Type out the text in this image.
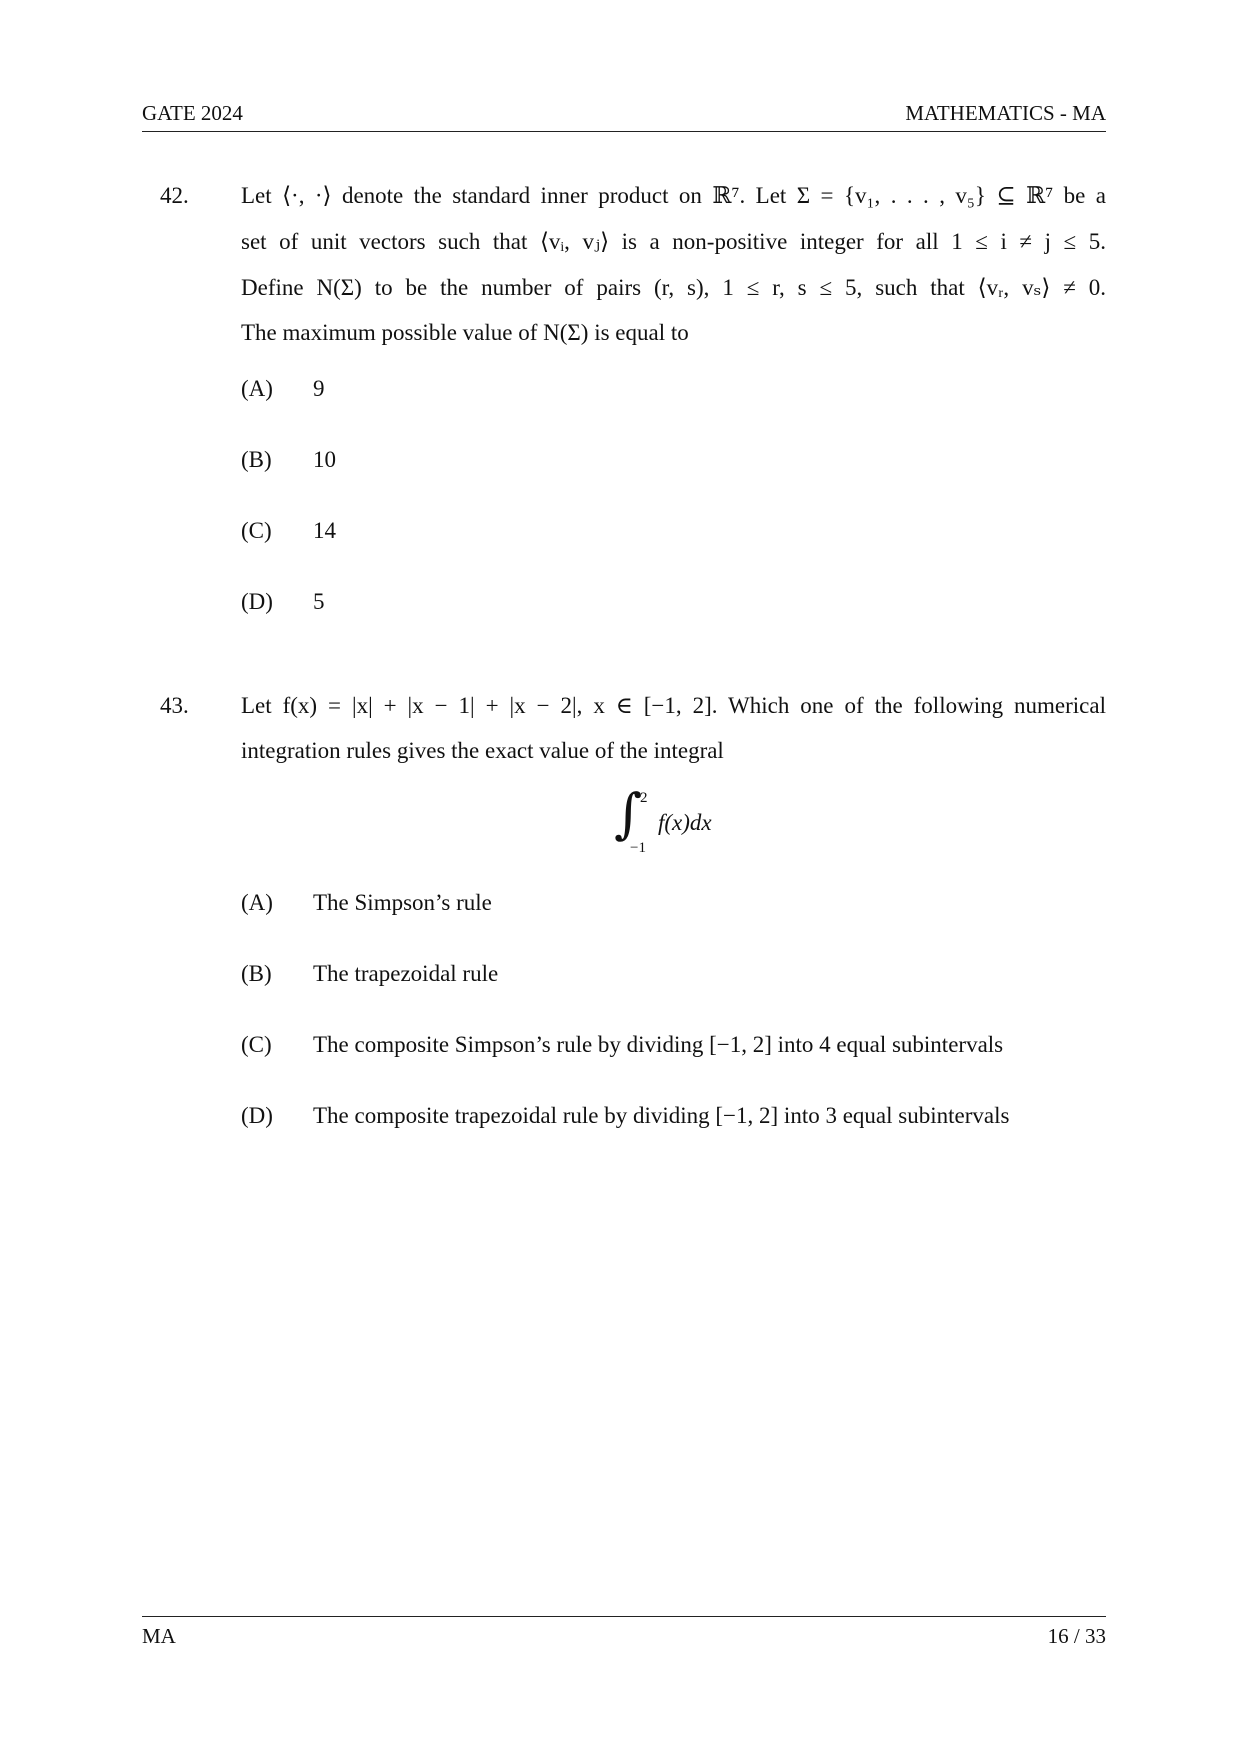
GATE 2024	MATHEMATICS - MA
42. Let ⟨·, ·⟩ denote the standard inner product on ℝ⁷. Let Σ = {v₁, . . . , v₅} ⊆ ℝ⁷ be a
set of unit vectors such that ⟨vᵢ, vⱼ⟩ is a non-positive integer for all 1 ≤ i ≠ j ≤ 5.
Define N(Σ) to be the number of pairs (r, s), 1 ≤ r, s ≤ 5, such that ⟨vᵣ, vₛ⟩ ≠ 0.
The maximum possible value of N(Σ) is equal to
(A) 9
(B) 10
(C) 14
(D) 5
43. Let f(x) = |x| + |x − 1| + |x − 2|, x ∈ [−1, 2]. Which one of the following numerical
integration rules gives the exact value of the integral
∫
2
−1
f(x)dx
(A) The Simpson’s rule
(B) The trapezoidal rule
(C) The composite Simpson’s rule by dividing [−1, 2] into 4 equal subintervals
(D) The composite trapezoidal rule by dividing [−1, 2] into 3 equal subintervals
MA	16 / 33
